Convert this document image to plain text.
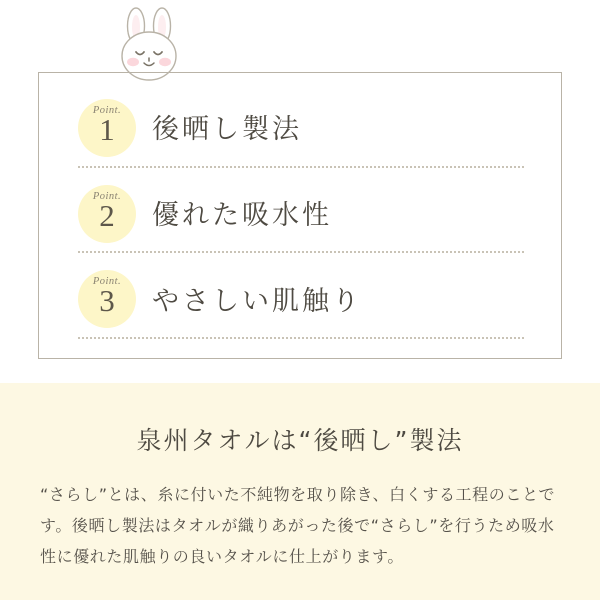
Point.
1	後晒し製法
Point.
2	優れた吸水性
Point.
3	やさしい肌触り
泉州タオルは“後晒し”製法
“さらし”とは、糸に付いた不純物を取り除き、白くする工程のことです。後晒し製法はタオルが織りあがった後で“さらし”を行うため吸水性に優れた肌触りの良いタオルに仕上がります。
